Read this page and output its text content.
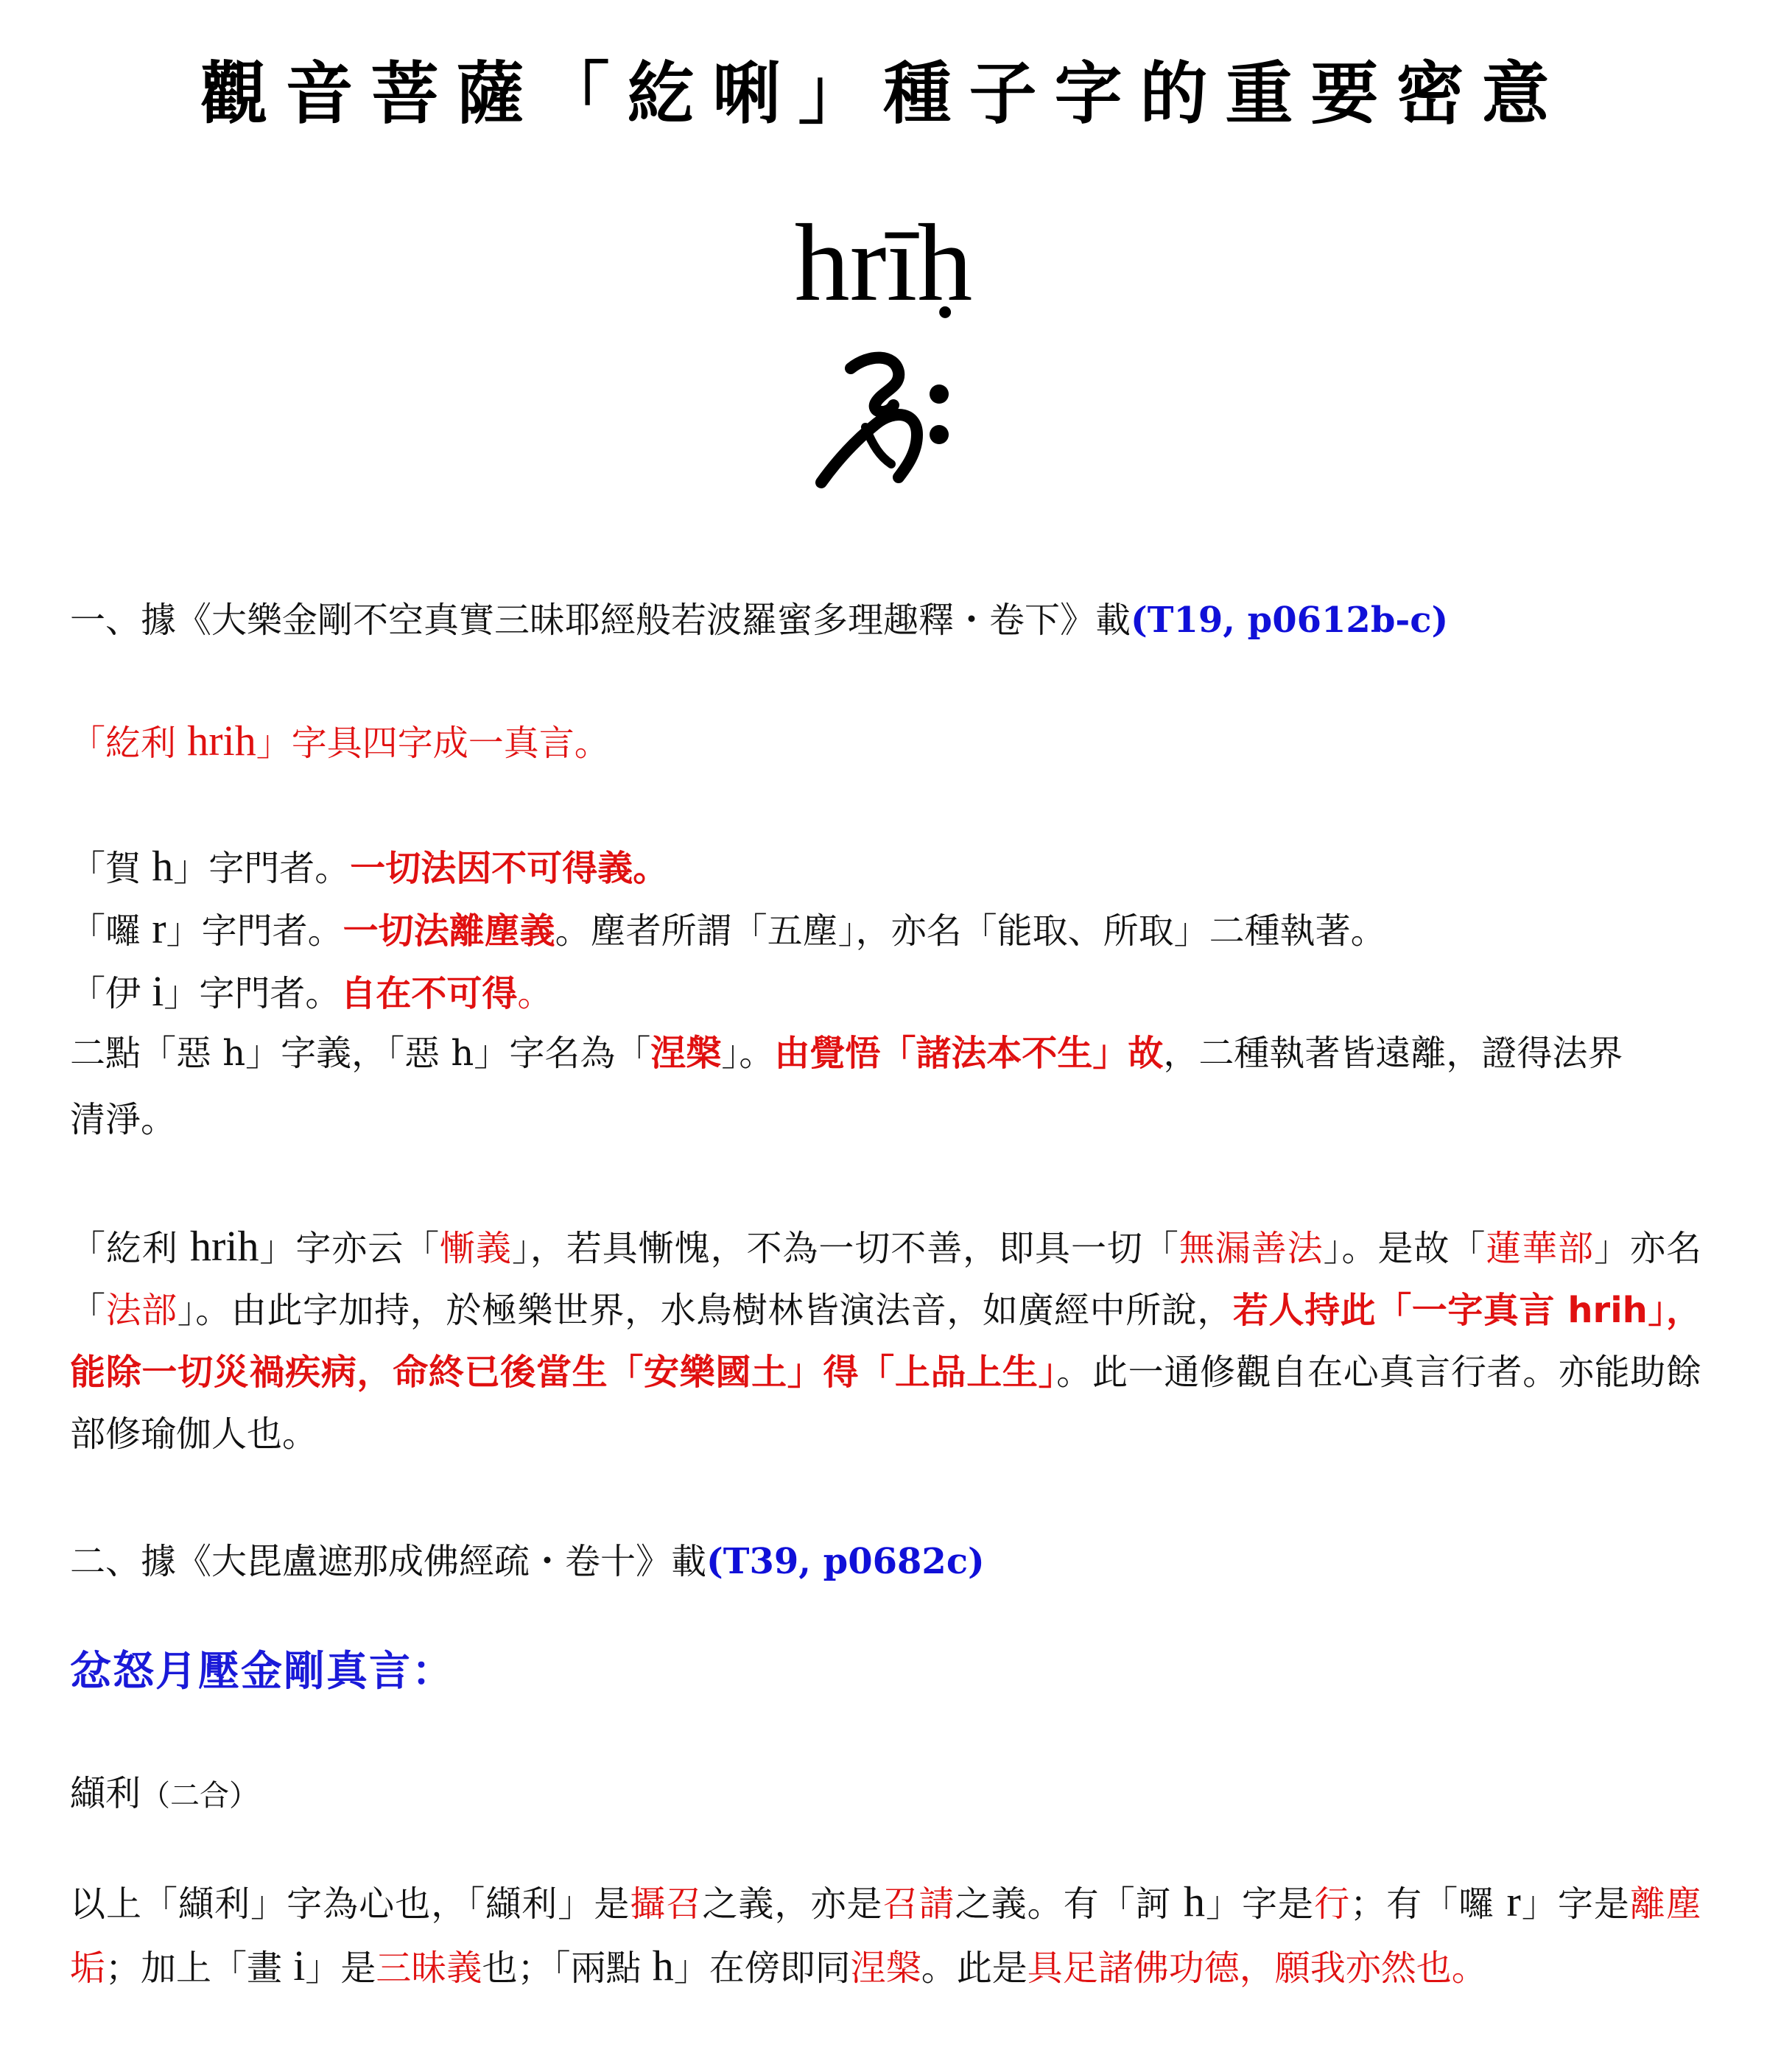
觀音菩薩「紇唎」種子字的重要密意
hrīḥ
一、據《大樂金剛不空真實三昧耶經般若波羅蜜多理趣釋・卷下》載(T19, p0612b-c)
「紇利 hrih」字具四字成一真言。
「賀 h」字門者。一切法因不可得義。
「囉 r」字門者。一切法離塵義。塵者所謂「五塵」，亦名「能取、所取」二種執著。
「伊 i」字門者。自在不可得。
二點「惡 h」字義，「惡 h」字名為「涅槃」。由覺悟「諸法本不生」故，二種執著皆遠離，證得法界
清淨。
「紇利 hrih」字亦云「慚義」，若具慚愧，不為一切不善，即具一切「無漏善法」。是故「蓮華部」亦名「法部」。由此字加持，於極樂世界，水鳥樹林皆演法音，如廣經中所說，若人持此「一字真言 hrih」，能除一切災禍疾病，命終已後當生「安樂國土」得「上品上生」。此一通修觀自在心真言行者。亦能助餘部修瑜伽人也。
二、據《大毘盧遮那成佛經疏・卷十》載(T39, p0682c)
忿怒月壓金剛真言：
纈利（二合）
以上「纈利」字為心也，「纈利」是攝召之義，亦是召請之義。有「訶 h」字是行；有「囉 r」字是離塵垢；加上「畫 i」是三昧義也；「兩點 h」在傍即同涅槃。此是具足諸佛功德，願我亦然也。
